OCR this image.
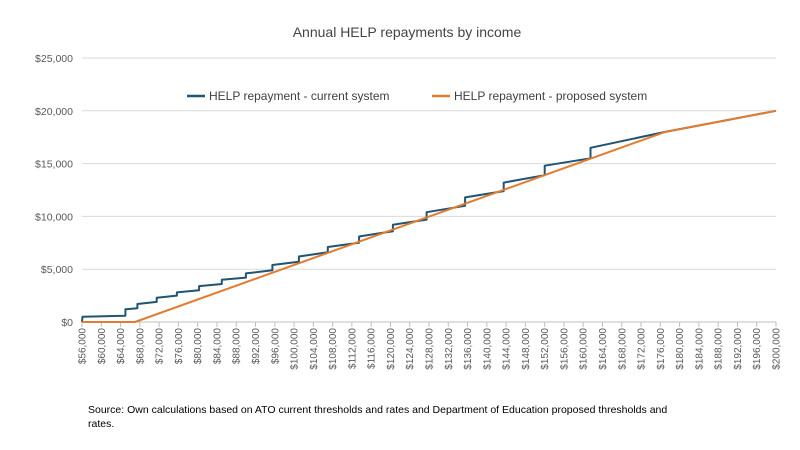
Annual HELP repayments by income
$0
$5,000
$10,000
$15,000
$20,000
$25,000
$56,000 $60,000 $64,000 $68,000 $72,000 $76,000 $80,000 $84,000 $88,000 $92,000 $96,000 $100,000 $104,000 $108,000 $112,000 $116,000 $120,000 $124,000 $128,000 $132,000 $136,000 $140,000 $144,000 $148,000 $152,000 $156,000 $160,000 $164,000 $168,000 $172,000 $176,000 $180,000 $184,000 $188,000 $192,000 $196,000 $200,000
HELP repayment - current system	HELP repayment - proposed system
Source: Own calculations based on ATO current thresholds and rates and Department of Education proposed thresholds and rates.
